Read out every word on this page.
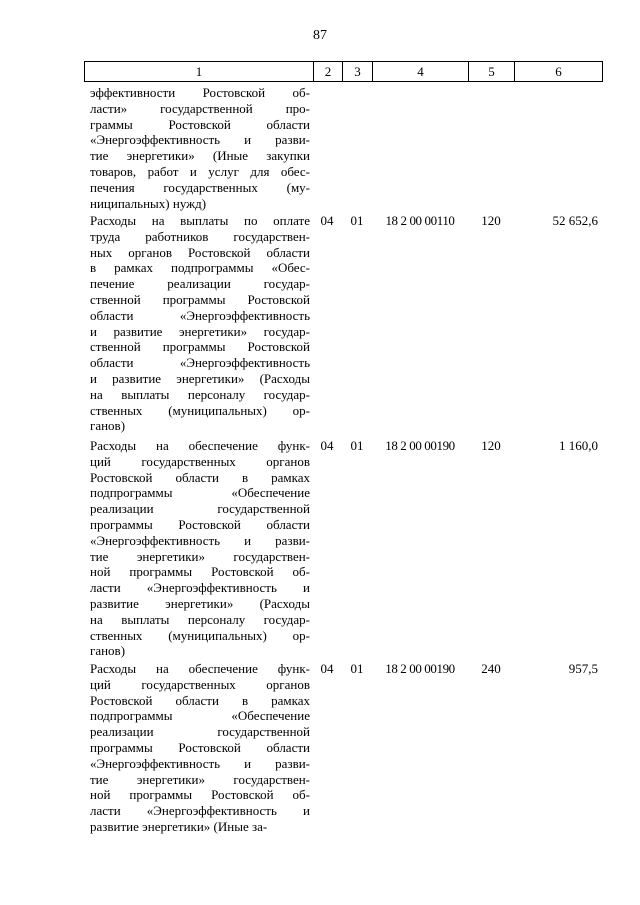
87
1	2	3	4	5	6
эффективности Ростовской об-
ласти» государственной про-
граммы Ростовской области
«Энергоэффективность и разви-
тие энергетики» (Иные закупки
товаров, работ и услуг для обес-
печения государственных (му-
ниципальных) нужд)
Расходы на выплаты по оплате
труда работников государствен-
ных органов Ростовской области
в рамках подпрограммы «Обес-
печение реализации государ-
ственной программы Ростовской
области «Энергоэффективность
и развитие энергетики» государ-
ственной программы Ростовской
области «Энергоэффективность
и развитие энергетики» (Расходы
на выплаты персоналу государ-
ственных (муниципальных) ор-
ганов)
04	01	18 2 00 00110	120	52 652,6
Расходы на обеспечение функ-
ций государственных органов
Ростовской области в рамках
подпрограммы «Обеспечение
реализации государственной
программы Ростовской области
«Энергоэффективность и разви-
тие энергетики» государствен-
ной программы Ростовской об-
ласти «Энергоэффективность и
развитие энергетики» (Расходы
на выплаты персоналу государ-
ственных (муниципальных) ор-
ганов)
04	01	18 2 00 00190	120	1 160,0
Расходы на обеспечение функ-
ций государственных органов
Ростовской области в рамках
подпрограммы «Обеспечение
реализации государственной
программы Ростовской области
«Энергоэффективность и разви-
тие энергетики» государствен-
ной программы Ростовской об-
ласти «Энергоэффективность и
развитие энергетики» (Иные за-
04	01	18 2 00 00190	240	957,5
